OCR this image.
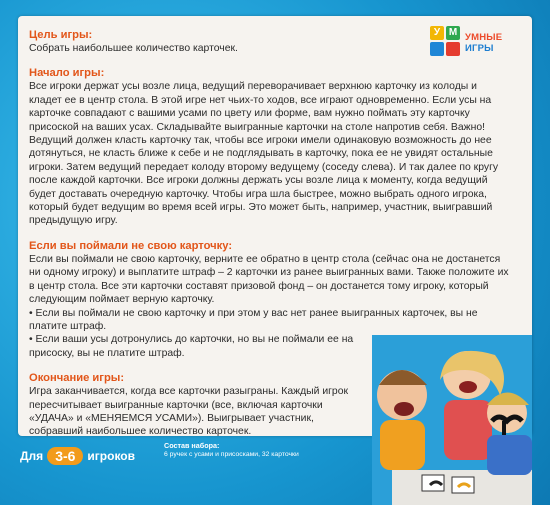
У М УМНЫЕ
ИГРЫ
Цель игры:
Собрать наибольшее количество карточек.
Начало игры:
Все игроки держат усы возле лица, ведущий переворачивает верхнюю карточку из колоды и кладет ее в центр стола. В этой игре нет чьих-то ходов, все играют одновременно. Если усы на карточке совпадают с вашими усами по цвету или форме, вам нужно поймать эту карточку присоской на ваших усах. Складывайте выигранные карточки на столе напротив себя. Важно! Ведущий должен класть карточку так, чтобы все игроки имели одинаковую возможность до нее дотянуться, не класть ближе к себе и не подглядывать в карточку, пока ее не увидят остальные игроки. Затем ведущий передает колоду второму ведущему (соседу слева). И так далее по кругу после каждой карточки. Все игроки должны держать усы возле лица к моменту, когда ведущий будет доставать очередную карточку. Чтобы игра шла быстрее, можно выбрать одного игрока, который будет ведущим во время всей игры. Это может быть, например, участник, выигравший предыдущую игру.
Если вы поймали не свою карточку:
Если вы поймали не свою карточку, верните ее обратно в центр стола (сейчас она не достанется ни одному игроку) и выплатите штраф – 2 карточки из ранее выигранных вами. Также положите их в центр стола. Все эти карточки составят призовой фонд – он достанется тому игроку, который следующим поймает верную карточку.
• Если вы поймали не свою карточку и при этом у вас нет ранее выигранных карточек, вы не платите штраф.
• Если ваши усы дотронулись до карточки, но вы не поймали ее на присоску, вы не платите штраф.
Окончание игры:
Игра заканчивается, когда все карточки разыграны. Каждый игрок пересчитывает выигранные карточки (все, включая карточки «УДАЧА» и «МЕНЯЕМСЯ УСАМИ»). Выигрывает участник, собравший наибольшее количество карточек.
Для 3-6	игроков
Состав набора:
6 ручек с усами и присосками, 32 карточки
